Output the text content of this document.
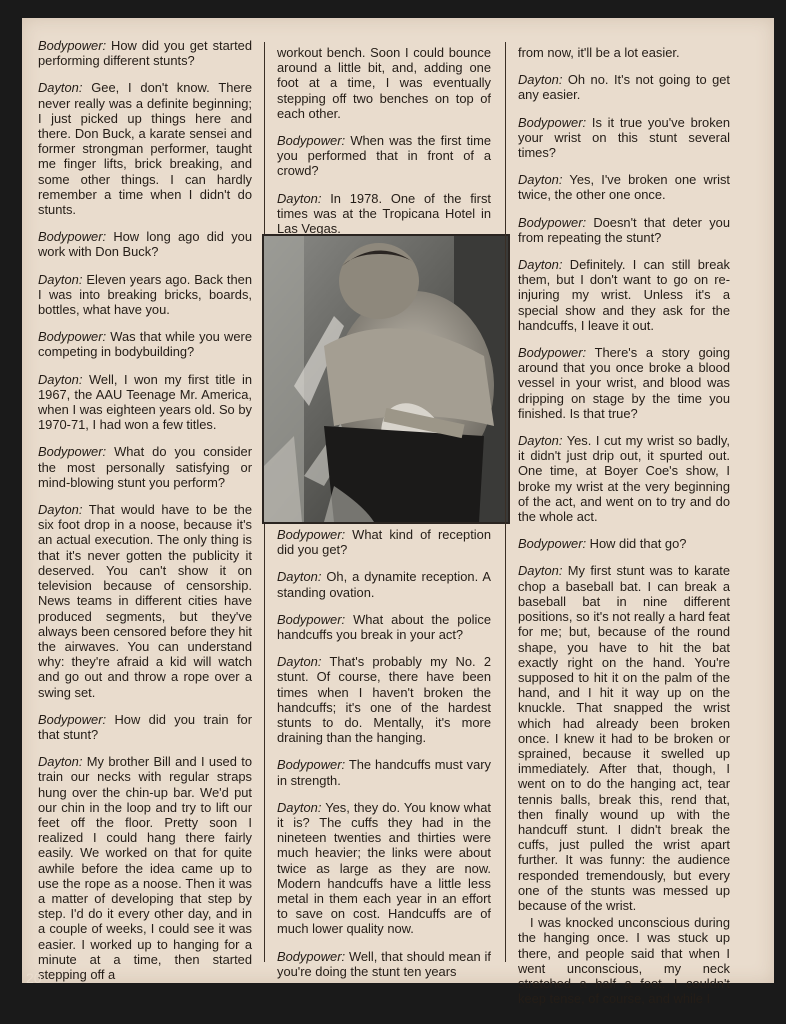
Bodypower: How did you get started performing different stunts?

Dayton: Gee, I don't know. There never really was a definite beginning; I just picked up things here and there. Don Buck, a karate sensei and former strongman performer, taught me finger lifts, brick breaking, and some other things. I can hardly remember a time when I didn't do stunts.

Bodypower: How long ago did you work with Don Buck?

Dayton: Eleven years ago. Back then I was into breaking bricks, boards, bottles, what have you.

Bodypower: Was that while you were competing in bodybuilding?

Dayton: Well, I won my first title in 1967, the AAU Teenage Mr. America, when I was eighteen years old. So by 1970-71, I had won a few titles.

Bodypower: What do you consider the most personally satisfying or mind-blowing stunt you perform?

Dayton: That would have to be the six foot drop in a noose, because it's an actual execution. The only thing is that it's never gotten the publicity it deserved. You can't show it on television because of censorship. News teams in different cities have produced segments, but they've always been censored before they hit the airwaves. You can understand why: they're afraid a kid will watch and go out and throw a rope over a swing set.

Bodypower: How did you train for that stunt?

Dayton: My brother Bill and I used to train our necks with regular straps hung over the chin-up bar. We'd put our chin in the loop and try to lift our feet off the floor. Pretty soon I realized I could hang there fairly easily. We worked on that for quite awhile before the idea came up to use the rope as a noose. Then it was a matter of developing that step by step. I'd do it every other day, and in a couple of weeks, I could see it was easier. I worked up to hanging for a minute at a time, then started stepping off a

workout bench. Soon I could bounce around a little bit, and, adding one foot at a time, I was eventually stepping off two benches on top of each other.

Bodypower: When was the first time you performed that in front of a crowd?

Dayton: In 1978. One of the first times was at the Tropicana Hotel in Las Vegas.

Bodypower: What kind of reception did you get?

Dayton: Oh, a dynamite reception. A standing ovation.

Bodypower: What about the police handcuffs you break in your act?

Dayton: That's probably my No. 2 stunt. Of course, there have been times when I haven't broken the handcuffs; it's one of the hardest stunts to do. Mentally, it's more draining than the hanging.

Bodypower: The handcuffs must vary in strength.

Dayton: Yes, they do. You know what it is? The cuffs they had in the nineteen twenties and thirties were much heavier; the links were about twice as large as they are now. Modern handcuffs have a little less metal in them each year in an effort to save on cost. Handcuffs are of much lower quality now.

Bodypower: Well, that should mean if you're doing the stunt ten years

from now, it'll be a lot easier.

Dayton: Oh no. It's not going to get any easier.

Bodypower: Is it true you've broken your wrist on this stunt several times?

Dayton: Yes, I've broken one wrist twice, the other one once.

Bodypower: Doesn't that deter you from repeating the stunt?

Dayton: Definitely. I can still break them, but I don't want to go on re-injuring my wrist. Unless it's a special show and they ask for the handcuffs, I leave it out.

Bodypower: There's a story going around that you once broke a blood vessel in your wrist, and blood was dripping on stage by the time you finished. Is that true?

Dayton: Yes. I cut my wrist so badly, it didn't just drip out, it spurted out. One time, at Boyer Coe's show, I broke my wrist at the very beginning of the act, and went on to try and do the whole act.

Bodypower: How did that go?

Dayton: My first stunt was to karate chop a baseball bat. I can break a baseball bat in nine different positions, so it's not really a hard feat for me; but, because of the round shape, you have to hit the bat exactly right on the hand. You're supposed to hit it on the palm of the hand, and I hit it way up on the knuckle. That snapped the wrist which had already been broken once. I knew it had to be broken or sprained, because it swelled up immediately. After that, though, I went on to do the hanging act, tear tennis balls, break this, rend that, then finally wound up with the handcuff stunt. I didn't break the cuffs, just pulled the wrist apart further. It was funny: the audience responded tremendously, but every one of the stunts was messed up because of the wrist.

I was knocked unconscious during the hanging once. I was stuck up there, and people said that when I went unconscious, my neck stretched a half a foot. I couldn't keep tense, of course, and while I

20
